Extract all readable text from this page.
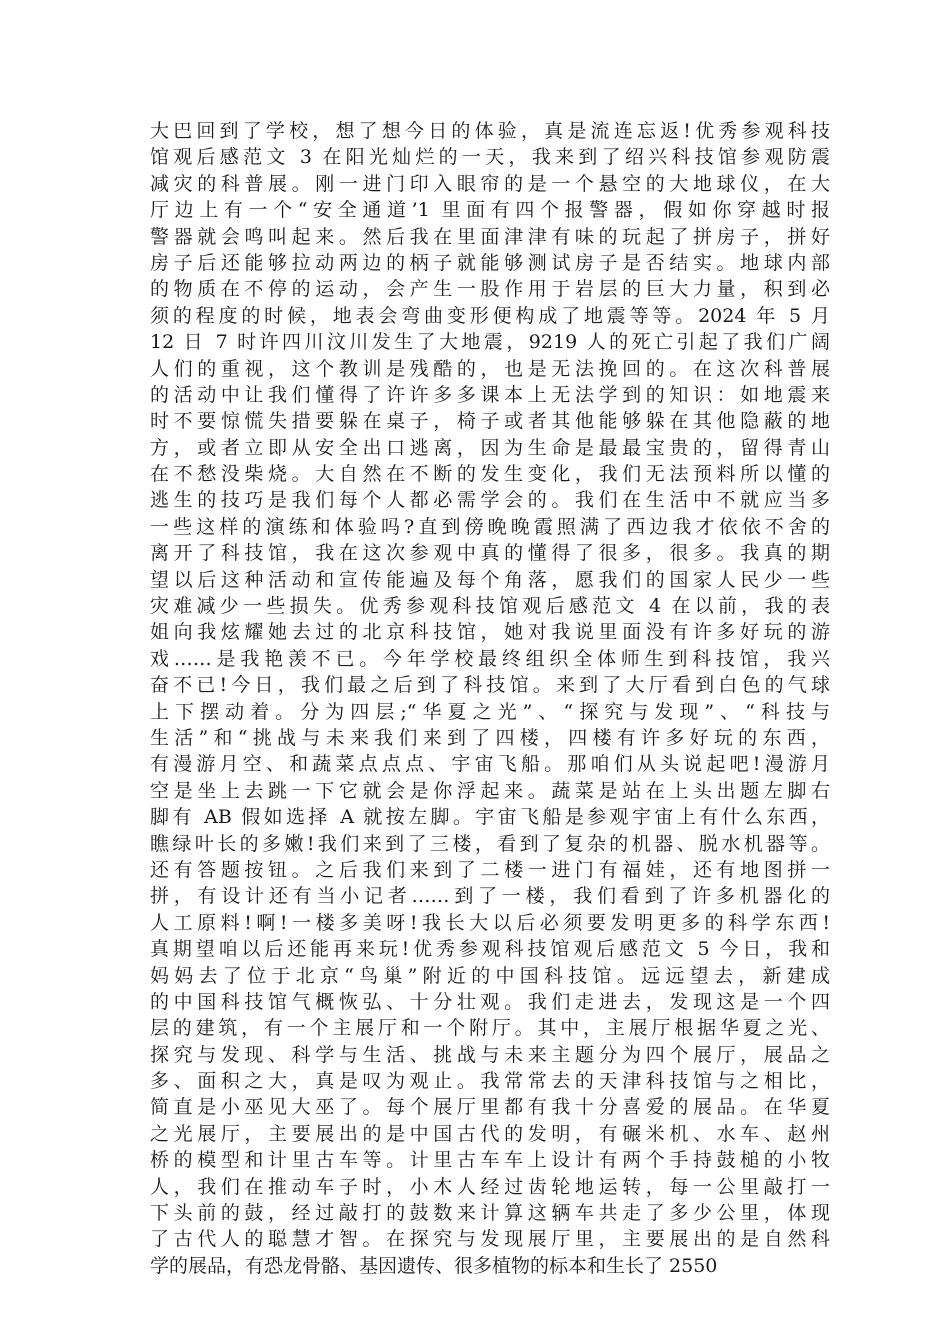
大巴回到了学校，想了想今日的体验，真是流连忘返!优秀参观科技
馆观后感范文 3 在阳光灿烂的一天，我来到了绍兴科技馆参观防震
减灾的科普展。刚一进门印入眼帘的是一个悬空的大地球仪，在大
厅边上有一个“安全通道’1 里面有四个报警器，假如你穿越时报
警器就会鸣叫起来。然后我在里面津津有味的玩起了拼房子，拼好
房子后还能够拉动两边的柄子就能够测试房子是否结实。地球内部
的物质在不停的运动，会产生一股作用于岩层的巨大力量，积到必
须的程度的时候，地表会弯曲变形便构成了地震等等。2024 年 5 月
12 日 7 时许四川汶川发生了大地震，9219 人的死亡引起了我们广阔
人们的重视，这个教训是残酷的，也是无法挽回的。在这次科普展
的活动中让我们懂得了许许多多课本上无法学到的知识：如地震来
时不要惊慌失措要躲在桌子，椅子或者其他能够躲在其他隐蔽的地
方，或者立即从安全出口逃离，因为生命是最最宝贵的，留得青山
在不愁没柴烧。大自然在不断的发生变化，我们无法预料所以懂的
逃生的技巧是我们每个人都必需学会的。我们在生活中不就应当多
一些这样的演练和体验吗?直到傍晚晚霞照满了西边我才依依不舍的
离开了科技馆，我在这次参观中真的懂得了很多，很多。我真的期
望以后这种活动和宣传能遍及每个角落，愿我们的国家人民少一些
灾难减少一些损失。优秀参观科技馆观后感范文 4 在以前，我的表
姐向我炫耀她去过的北京科技馆，她对我说里面没有许多好玩的游
戏……是我艳羡不已。今年学校最终组织全体师生到科技馆，我兴
奋不已!今日，我们最之后到了科技馆。来到了大厅看到白色的气球
上下摆动着。分为四层;“华夏之光”、“探究与发现”、“科技与
生活”和“挑战与未来我们来到了四楼，四楼有许多好玩的东西，
有漫游月空、和蔬菜点点点、宇宙飞船。那咱们从头说起吧!漫游月
空是坐上去跳一下它就会是你浮起来。蔬菜是站在上头出题左脚右
脚有 AB 假如选择 A 就按左脚。宇宙飞船是参观宇宙上有什么东西，
瞧绿叶长的多嫩!我们来到了三楼，看到了复杂的机器、脱水机器等。
还有答题按钮。之后我们来到了二楼一进门有福娃，还有地图拼一
拼，有设计还有当小记者……到了一楼，我们看到了许多机器化的
人工原料!啊!一楼多美呀!我长大以后必须要发明更多的科学东西!
真期望咱以后还能再来玩!优秀参观科技馆观后感范文 5 今日，我和
妈妈去了位于北京“鸟巢”附近的中国科技馆。远远望去，新建成
的中国科技馆气概恢弘、十分壮观。我们走进去，发现这是一个四
层的建筑，有一个主展厅和一个附厅。其中，主展厅根据华夏之光、
探究与发现、科学与生活、挑战与未来主题分为四个展厅，展品之
多、面积之大，真是叹为观止。我常常去的天津科技馆与之相比，
简直是小巫见大巫了。每个展厅里都有我十分喜爱的展品。在华夏
之光展厅，主要展出的是中国古代的发明，有碾米机、水车、赵州
桥的模型和计里古车等。计里古车车上设计有两个手持鼓槌的小牧
人，我们在推动车子时，小木人经过齿轮地运转，每一公里敲打一
下头前的鼓，经过敲打的鼓数来计算这辆车共走了多少公里，体现
了古代人的聪慧才智。在探究与发现展厅里，主要展出的是自然科
学的展品，有恐龙骨骼、基因遗传、很多植物的标本和生长了 2550
